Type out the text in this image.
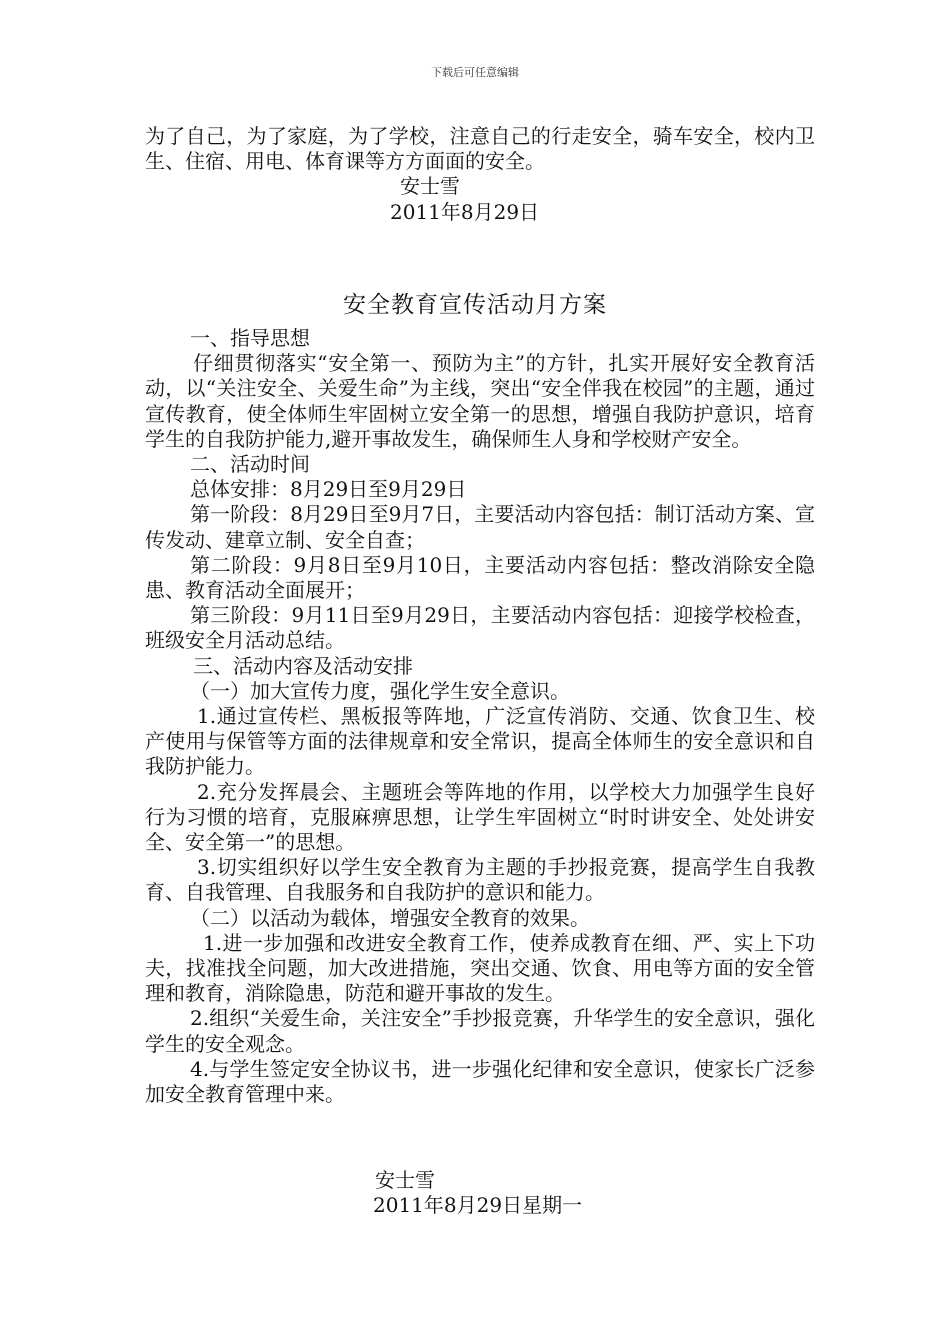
下载后可任意编辑

为了自己，为了家庭，为了学校，注意自己的行走安全，骑车安全，校内卫生、住宿、用电、体育课等方方面面的安全。

安士雪
2011年8月29日
安全教育宣传活动月方案

一、指导思想

仔细贯彻落实“安全第一、预防为主”的方针，扎实开展好安全教育活动，以“关注安全、关爱生命”为主线，突出“安全伴我在校园”的主题，通过宣传教育，使全体师生牢固树立安全第一的思想，增强自我防护意识，培育学生的自我防护能力,避开事故发生，确保师生人身和学校财产安全。

二、活动时间

总体安排：8月29日至9月29日

第一阶段：8月29日至9月7日，主要活动内容包括：制订活动方案、宣传发动、建章立制、安全自查；

第二阶段：9月8日至9月10日，主要活动内容包括：整改消除安全隐患、教育活动全面展开；

第三阶段：9月11日至9月29日，主要活动内容包括：迎接学校检查，班级安全月活动总结。

三、活动内容及活动安排

（一）加大宣传力度，强化学生安全意识。

1.通过宣传栏、黑板报等阵地，广泛宣传消防、交通、饮食卫生、校产使用与保管等方面的法律规章和安全常识，提高全体师生的安全意识和自我防护能力。

2.充分发挥晨会、主题班会等阵地的作用，以学校大力加强学生良好行为习惯的培育，克服麻痹思想，让学生牢固树立“时时讲安全、处处讲安全、安全第一”的思想。

3.切实组织好以学生安全教育为主题的手抄报竞赛，提高学生自我教育、自我管理、自我服务和自我防护的意识和能力。

（二）以活动为载体，增强安全教育的效果。

1.进一步加强和改进安全教育工作，使养成教育在细、严、实上下功夫，找准找全问题，加大改进措施，突出交通、饮食、用电等方面的安全管理和教育，消除隐患，防范和避开事故的发生。

2.组织“关爱生命，关注安全”手抄报竞赛，升华学生的安全意识，强化学生的安全观念。

4.与学生签定安全协议书，进一步强化纪律和安全意识，使家长广泛参加安全教育管理中来。

安士雪
2011年8月29日星期一
